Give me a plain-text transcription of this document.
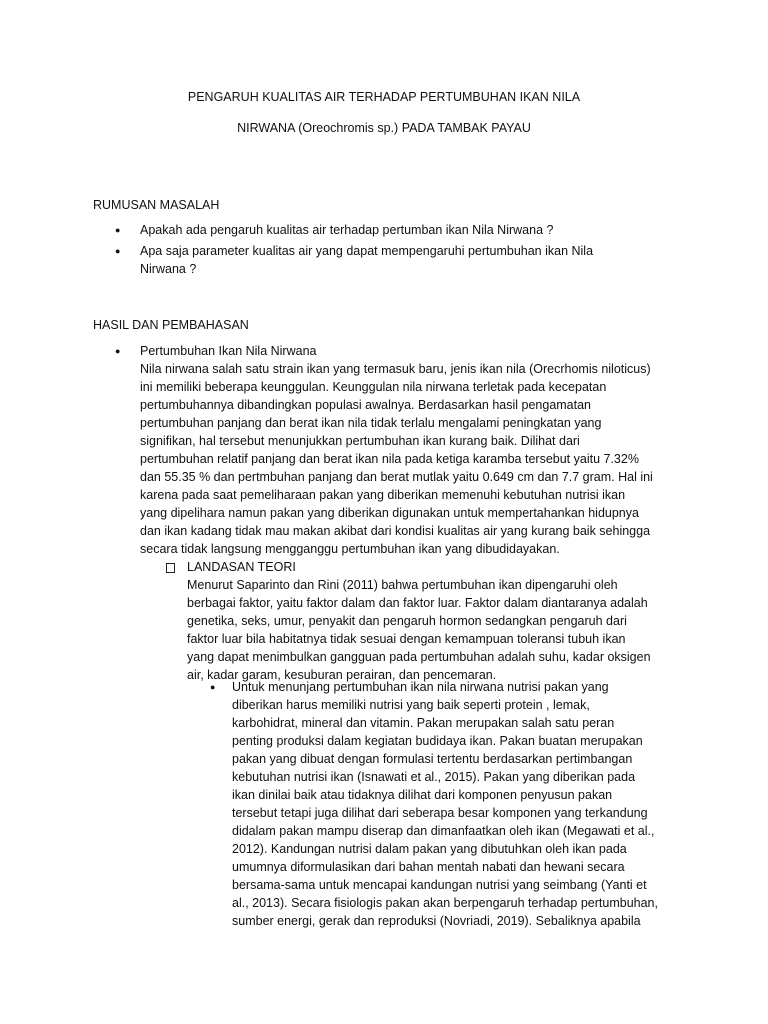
PENGARUH KUALITAS AIR TERHADAP PERTUMBUHAN IKAN NILA
NIRWANA (Oreochromis sp.) PADA TAMBAK PAYAU
RUMUSAN MASALAH
● Apakah ada pengaruh kualitas air terhadap pertumban ikan Nila Nirwana ?
● Apa saja parameter kualitas air yang dapat mempengaruhi pertumbuhan ikan Nila
Nirwana ?
HASIL DAN PEMBAHASAN
● Pertumbuhan Ikan Nila Nirwana
Nila nirwana salah satu strain ikan yang termasuk baru, jenis ikan nila (Orecrhomis niloticus)
ini memiliki beberapa keunggulan. Keunggulan nila nirwana terletak pada kecepatan
pertumbuhannya dibandingkan populasi awalnya. Berdasarkan hasil pengamatan
pertumbuhan panjang dan berat ikan nila tidak terlalu mengalami peningkatan yang
signifikan, hal tersebut menunjukkan pertumbuhan ikan kurang baik. Dilihat dari
pertumbuhan relatif panjang dan berat ikan nila pada ketiga karamba tersebut yaitu 7.32%
dan 55.35 % dan pertmbuhan panjang dan berat mutlak yaitu 0.649 cm dan 7.7 gram. Hal ini
karena pada saat pemeliharaan pakan yang diberikan memenuhi kebutuhan nutrisi ikan
yang dipelihara namun pakan yang diberikan digunakan untuk mempertahankan hidupnya
dan ikan kadang tidak mau makan akibat dari kondisi kualitas air yang kurang baik sehingga
secara tidak langsung mengganggu pertumbuhan ikan yang dibudidayakan.
LANDASAN TEORI
Menurut Saparinto dan Rini (2011) bahwa pertumbuhan ikan dipengaruhi oleh
berbagai faktor, yaitu faktor dalam dan faktor luar. Faktor dalam diantaranya adalah
genetika, seks, umur, penyakit dan pengaruh hormon sedangkan pengaruh dari
faktor luar bila habitatnya tidak sesuai dengan kemampuan toleransi tubuh ikan
yang dapat menimbulkan gangguan pada pertumbuhan adalah suhu, kadar oksigen
air, kadar garam, kesuburan perairan, dan pencemaran.
● Untuk menunjang pertumbuhan ikan nila nirwana nutrisi pakan yang
diberikan harus memiliki nutrisi yang baik seperti protein , lemak,
karbohidrat, mineral dan vitamin. Pakan merupakan salah satu peran
penting produksi dalam kegiatan budidaya ikan. Pakan buatan merupakan
pakan yang dibuat dengan formulasi tertentu berdasarkan pertimbangan
kebutuhan nutrisi ikan (Isnawati et al., 2015). Pakan yang diberikan pada
ikan dinilai baik atau tidaknya dilihat dari komponen penyusun pakan
tersebut tetapi juga dilihat dari seberapa besar komponen yang terkandung
didalam pakan mampu diserap dan dimanfaatkan oleh ikan (Megawati et al.,
2012). Kandungan nutrisi dalam pakan yang dibutuhkan oleh ikan pada
umumnya diformulasikan dari bahan mentah nabati dan hewani secara
bersama-sama untuk mencapai kandungan nutrisi yang seimbang (Yanti et
al., 2013). Secara fisiologis pakan akan berpengaruh terhadap pertumbuhan,
sumber energi, gerak dan reproduksi (Novriadi, 2019). Sebaliknya apabila
